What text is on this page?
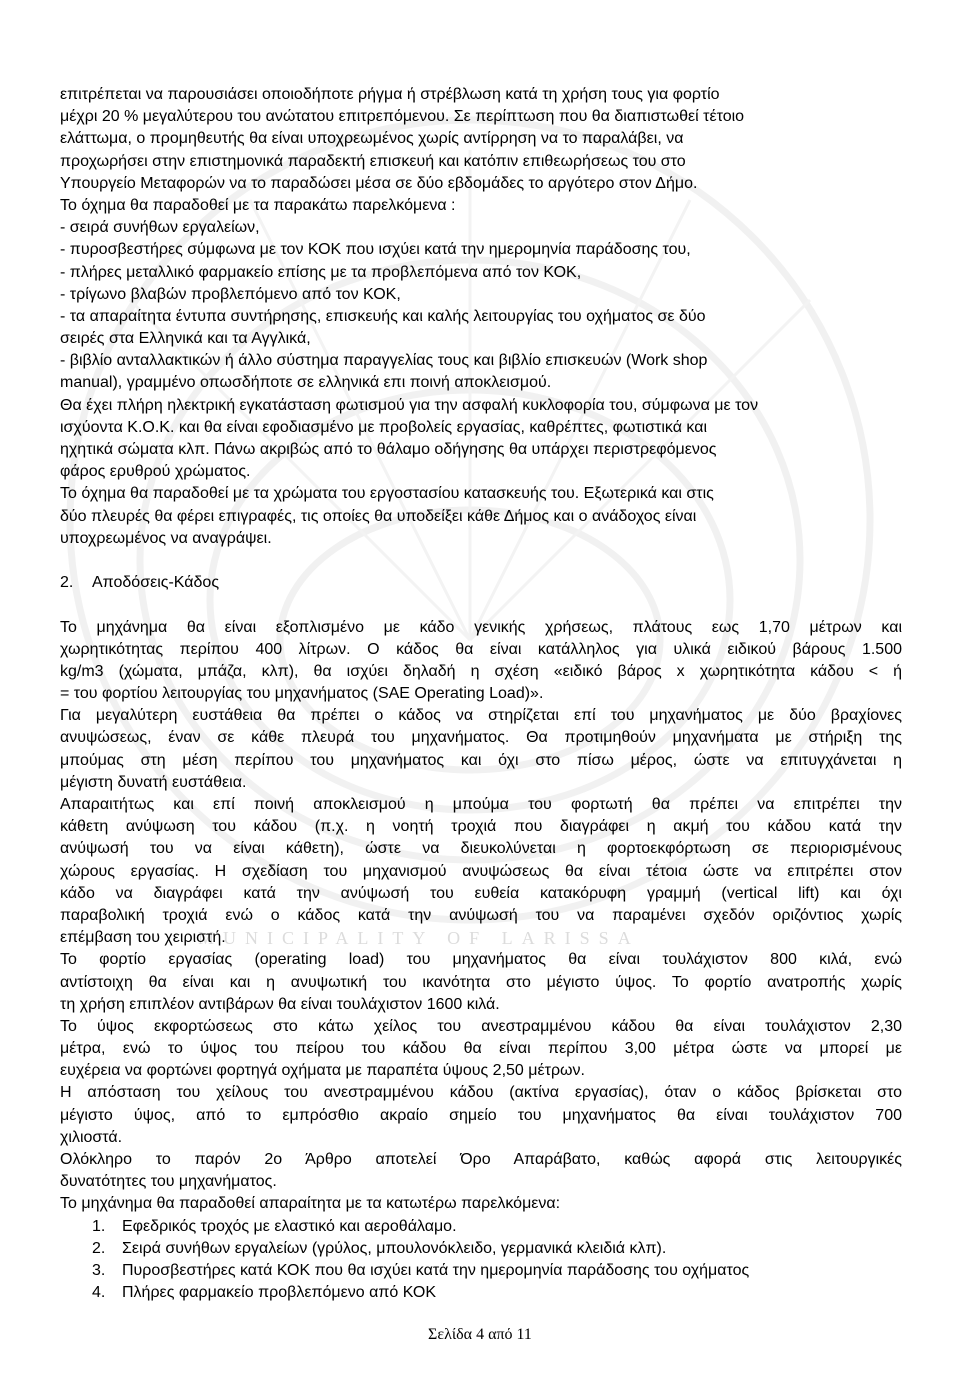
MUNICIPALITY OF LARISSA
επιτρέπεται να παρουσιάσει οποιοδήποτε ρήγμα ή στρέβλωση κατά τη χρήση τους για φορτίο
μέχρι 20 % μεγαλύτερου του ανώτατου επιτρεπόμενου. Σε περίπτωση που θα διαπιστωθεί τέτοιο
ελάττωμα, ο προμηθευτής θα είναι υποχρεωμένος χωρίς αντίρρηση να το παραλάβει, να
προχωρήσει στην επιστημονικά παραδεκτή επισκευή και κατόπιν επιθεωρήσεως του στο
Υπουργείο Μεταφορών να το παραδώσει μέσα σε δύο εβδομάδες το αργότερο στον Δήμο.
Το όχημα θα παραδοθεί με τα παρακάτω παρελκόμενα :
- σειρά συνήθων εργαλείων,
- πυροσβεστήρες σύμφωνα με τον ΚΟΚ που ισχύει κατά την ημερομηνία παράδοσης του,
- πλήρες μεταλλικό φαρμακείο επίσης με τα προβλεπόμενα από τον ΚΟΚ,
- τρίγωνο βλαβών προβλεπόμενο από τον ΚΟΚ,
- τα απαραίτητα έντυπα συντήρησης, επισκευής και καλής λειτουργίας του οχήματος σε δύο
σειρές στα Ελληνικά και τα Αγγλικά,
- βιβλίο ανταλλακτικών ή άλλο σύστημα παραγγελίας τους και βιβλίο επισκευών (Work shop
manual), γραμμένο οπωσδήποτε σε ελληνικά επι ποινή αποκλεισμού.
Θα έχει πλήρη ηλεκτρική εγκατάσταση φωτισμού για την ασφαλή κυκλοφορία του, σύμφωνα με τον
ισχύοντα Κ.Ο.Κ. και θα είναι εφοδιασμένο με προβολείς εργασίας, καθρέπτες, φωτιστικά και
ηχητικά σώματα κλπ. Πάνω ακριβώς από το θάλαμο οδήγησης θα υπάρχει περιστρεφόμενος
φάρος ερυθρού χρώματος.
Το όχημα θα παραδοθεί με τα χρώματα του εργοστασίου κατασκευής του. Εξωτερικά και στις
δύο πλευρές θα φέρει επιγραφές, τις οποίες θα υποδείξει κάθε Δήμος και ο ανάδοχος είναι
υποχρεωμένος να αναγράψει.
2. Αποδόσεις-Κάδος
Το μηχάνημα θα είναι εξοπλισμένο με κάδο γενικής χρήσεως, πλάτους εως 1,70 μέτρων και
χωρητικότητας περίπου 400 λίτρων. Ο κάδος θα είναι κατάλληλος για υλικά ειδικού βάρους 1.500
kg/m3 (χώματα, μπάζα, κλπ), θα ισχύει δηλαδή η σχέση «ειδικό βάρος x χωρητικότητα κάδου < ή
= του φορτίου λειτουργίας του μηχανήματος (SAE Operating Load)».
Για μεγαλύτερη ευστάθεια θα πρέπει ο κάδος να στηρίζεται επί του μηχανήματος με δύο βραχίονες
ανυψώσεως, έναν σε κάθε πλευρά του μηχανήματος. Θα προτιμηθούν μηχανήματα με στήριξη της
μπούμας στη μέση περίπου του μηχανήματος και όχι στο πίσω μέρος, ώστε να επιτυγχάνεται η
μέγιστη δυνατή ευστάθεια.
Απαραιτήτως και επί ποινή αποκλεισμού η μπούμα του φορτωτή θα πρέπει να επιτρέπει την
κάθετη ανύψωση του κάδου (π.χ. η νοητή τροχιά που διαγράφει η ακμή του κάδου κατά την
ανύψωσή του να είναι κάθετη), ώστε να διευκολύνεται η φορτοεκφόρτωση σε περιορισμένους
χώρους εργασίας. Η σχεδίαση του μηχανισμού ανυψώσεως θα είναι τέτοια ώστε να επιτρέπει στον
κάδο να διαγράφει κατά την ανύψωσή του ευθεία κατακόρυφη γραμμή (vertical lift) και όχι
παραβολική τροχιά ενώ ο κάδος κατά την ανύψωσή του να παραμένει σχεδόν οριζόντιος χωρίς
επέμβαση του χειριστή.
Το φορτίο εργασίας (operating load) του μηχανήματος θα είναι τουλάχιστον 800 κιλά, ενώ
αντίστοιχη θα είναι και η ανυψωτική του ικανότητα στο μέγιστο ύψος. Το φορτίο ανατροπής χωρίς
τη χρήση επιπλέον αντιβάρων θα είναι τουλάχιστον 1600 κιλά.
Το ύψος εκφορτώσεως στο κάτω χείλος του ανεστραμμένου κάδου θα είναι τουλάχιστον 2,30
μέτρα, ενώ το ύψος του πείρου του κάδου θα είναι περίπου 3,00 μέτρα ώστε να μπορεί με
ευχέρεια να φορτώνει φορτηγά οχήματα με παραπέτα ύψους 2,50 μέτρων.
Η απόσταση του χείλους του ανεστραμμένου κάδου (ακτίνα εργασίας), όταν ο κάδος βρίσκεται στο
μέγιστο ύψος, από το εμπρόσθιο ακραίο σημείο του μηχανήματος θα είναι τουλάχιστον 700
χιλιοστά.
Ολόκληρο το παρόν 2ο Άρθρο αποτελεί Όρο Απαράβατο, καθώς αφορά στις λειτουργικές
δυνατότητες του μηχανήματος.
Το μηχάνημα θα παραδοθεί απαραίτητα με τα κατωτέρω παρελκόμενα:
1. Εφεδρικός τροχός με ελαστικό και αεροθάλαμο.
2. Σειρά συνήθων εργαλείων (γρύλος, μπουλονόκλειδο, γερμανικά κλειδιά κλπ).
3. Πυροσβεστήρες κατά ΚΟΚ που θα ισχύει κατά την ημερομηνία παράδοσης του οχήματος
4. Πλήρες φαρμακείο προβλεπόμενο από ΚΟΚ
Σελίδα 4 από 11
